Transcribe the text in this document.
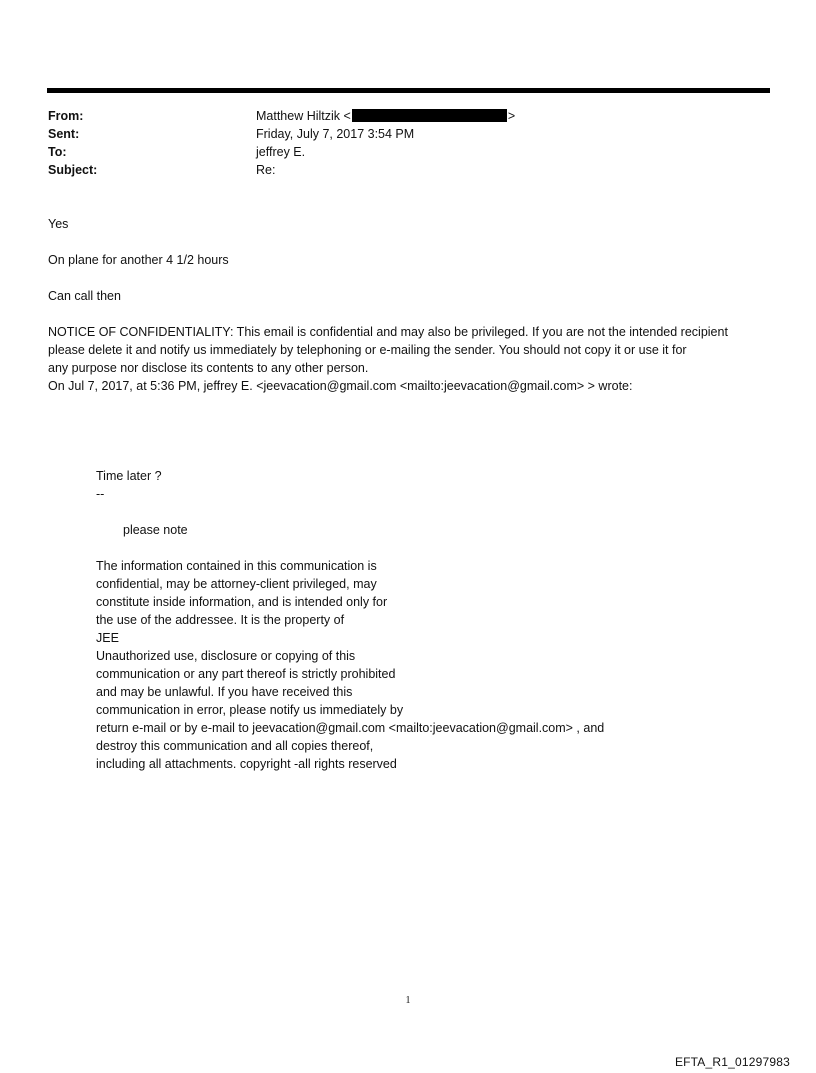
From:	Matthew Hiltzik <	>
Sent:	Friday, July 7, 2017 3:54 PM
To:	jeffrey E.
Subject:	Re:
Yes
On plane for another 4 1/2 hours
Can call then
NOTICE OF CONFIDENTIALITY: This email is confidential and may also be privileged. If you are not the intended recipient
please delete it and notify us immediately by telephoning or e-mailing the sender. You should not copy it or use it for
any purpose nor disclose its contents to any other person.
On Jul 7, 2017, at 5:36 PM, jeffrey E. <jeevacation@gmail.com <mailto:jeevacation@gmail.com> > wrote:
Time later ?
--
please note
The information contained in this communication is
confidential, may be attorney-client privileged, may
constitute inside information, and is intended only for
the use of the addressee. It is the property of
JEE
Unauthorized use, disclosure or copying of this
communication or any part thereof is strictly prohibited
and may be unlawful. If you have received this
communication in error, please notify us immediately by
return e-mail or by e-mail to jeevacation@gmail.com <mailto:jeevacation@gmail.com> , and
destroy this communication and all copies thereof,
including all attachments. copyright -all rights reserved
1
EFTA_R1_01297983
